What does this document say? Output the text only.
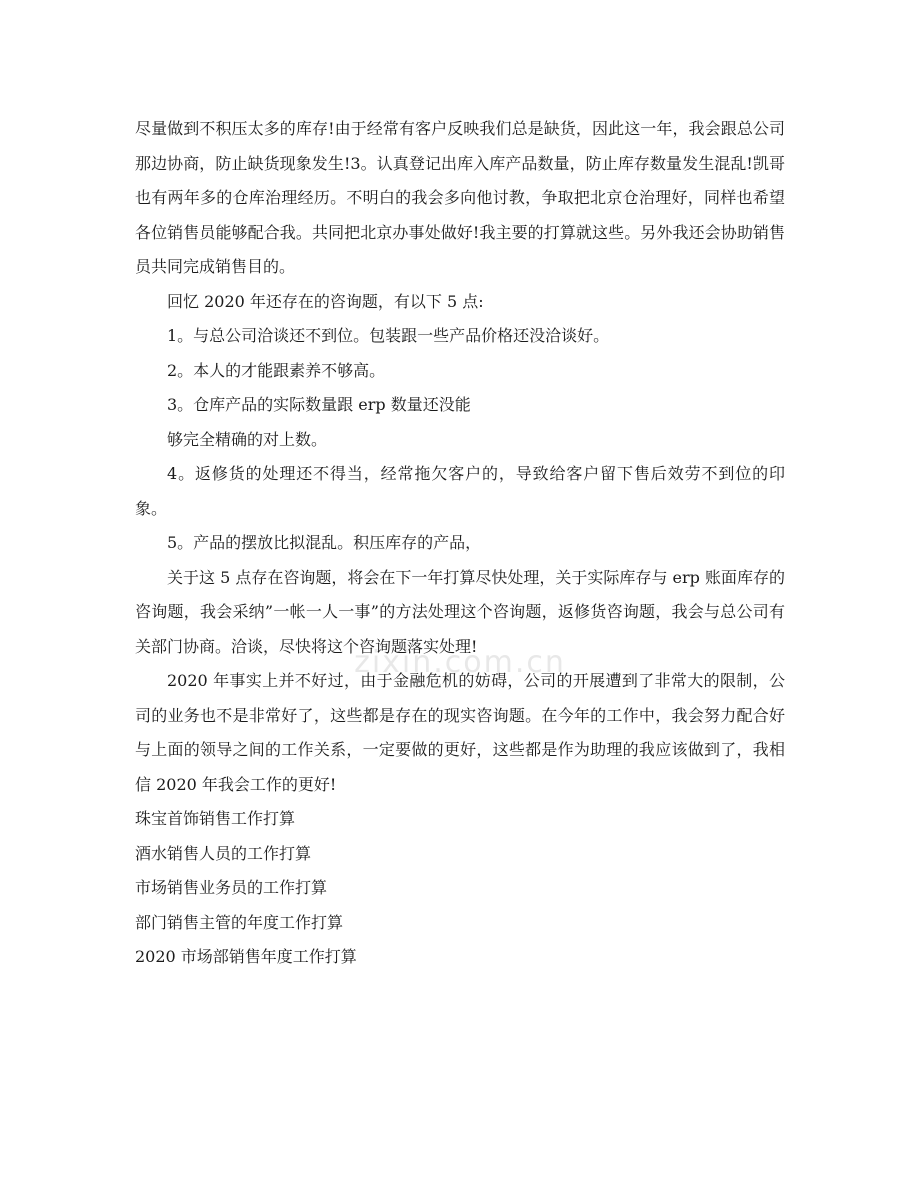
尽量做到不积压太多的库存!由于经常有客户反映我们总是缺货，因此这一年，我会跟总公司那边协商，防止缺货现象发生!3。认真登记出库入库产品数量，防止库存数量发生混乱!凯哥也有两年多的仓库治理经历。不明白的我会多向他讨教，争取把北京仓治理好，同样也希望各位销售员能够配合我。共同把北京办事处做好!我主要的打算就这些。另外我还会协助销售员共同完成销售目的。

回忆 2020 年还存在的咨询题，有以下 5 点:

1。与总公司洽谈还不到位。包装跟一些产品价格还没洽谈好。

2。本人的才能跟素养不够高。

3。仓库产品的实际数量跟 erp 数量还没能

够完全精确的对上数。

4。返修货的处理还不得当，经常拖欠客户的，导致给客户留下售后效劳不到位的印象。

5。产品的摆放比拟混乱。积压库存的产品，

关于这 5 点存在咨询题，将会在下一年打算尽快处理，关于实际库存与 erp 账面库存的咨询题，我会采纳”一帐一人一事”的方法处理这个咨询题，返修货咨询题，我会与总公司有关部门协商。洽谈，尽快将这个咨询题落实处理!

2020 年事实上并不好过，由于金融危机的妨碍，公司的开展遭到了非常大的限制，公司的业务也不是非常好了，这些都是存在的现实咨询题。在今年的工作中，我会努力配合好与上面的领导之间的工作关系，一定要做的更好，这些都是作为助理的我应该做到了，我相信 2020 年我会工作的更好!

珠宝首饰销售工作打算
酒水销售人员的工作打算
市场销售业务员的工作打算
部门销售主管的年度工作打算
2020 市场部销售年度工作打算
zixin.com.cn
